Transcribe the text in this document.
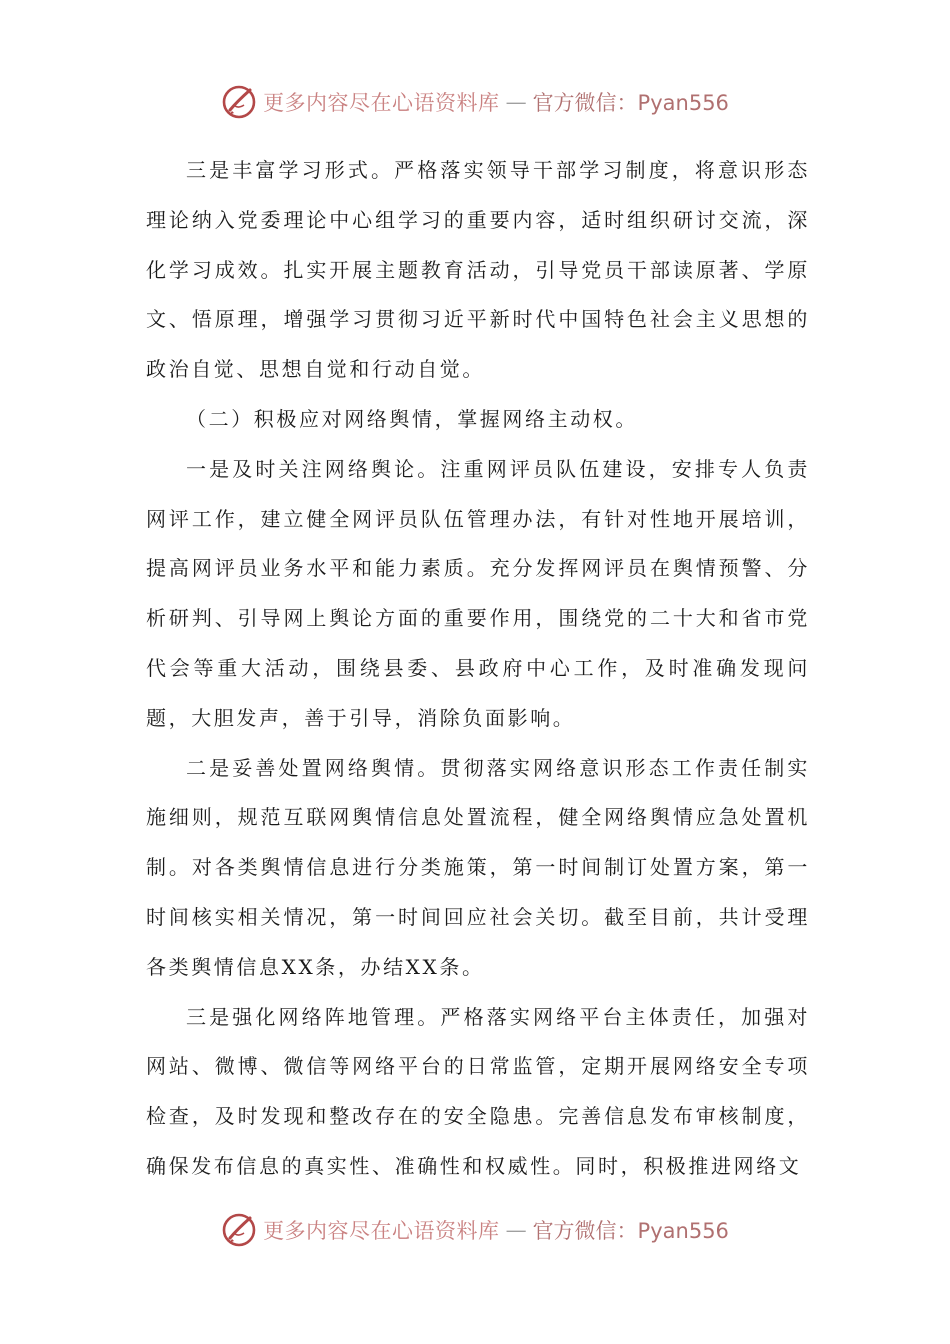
更多内容尽在心语资料库 — 官方微信：Pyan556

三是丰富学习形式。严格落实领导干部学习制度，将意识形态理论纳入党委理论中心组学习的重要内容，适时组织研讨交流，深化学习成效。扎实开展主题教育活动，引导党员干部读原著、学原文、悟原理，增强学习贯彻习近平新时代中国特色社会主义思想的政治自觉、思想自觉和行动自觉。

（二）积极应对网络舆情，掌握网络主动权。

一是及时关注网络舆论。注重网评员队伍建设，安排专人负责网评工作，建立健全网评员队伍管理办法，有针对性地开展培训，提高网评员业务水平和能力素质。充分发挥网评员在舆情预警、分析研判、引导网上舆论方面的重要作用，围绕党的二十大和省市党代会等重大活动，围绕县委、县政府中心工作，及时准确发现问题，大胆发声，善于引导，消除负面影响。

二是妥善处置网络舆情。贯彻落实网络意识形态工作责任制实施细则，规范互联网舆情信息处置流程，健全网络舆情应急处置机制。对各类舆情信息进行分类施策，第一时间制订处置方案，第一时间核实相关情况，第一时间回应社会关切。截至目前，共计受理各类舆情信息XX条，办结XX条。

三是强化网络阵地管理。严格落实网络平台主体责任，加强对网站、微博、微信等网络平台的日常监管，定期开展网络安全专项检查，及时发现和整改存在的安全隐患。完善信息发布审核制度，确保发布信息的真实性、准确性和权威性。同时，积极推进网络文

更多内容尽在心语资料库 — 官方微信：Pyan556
